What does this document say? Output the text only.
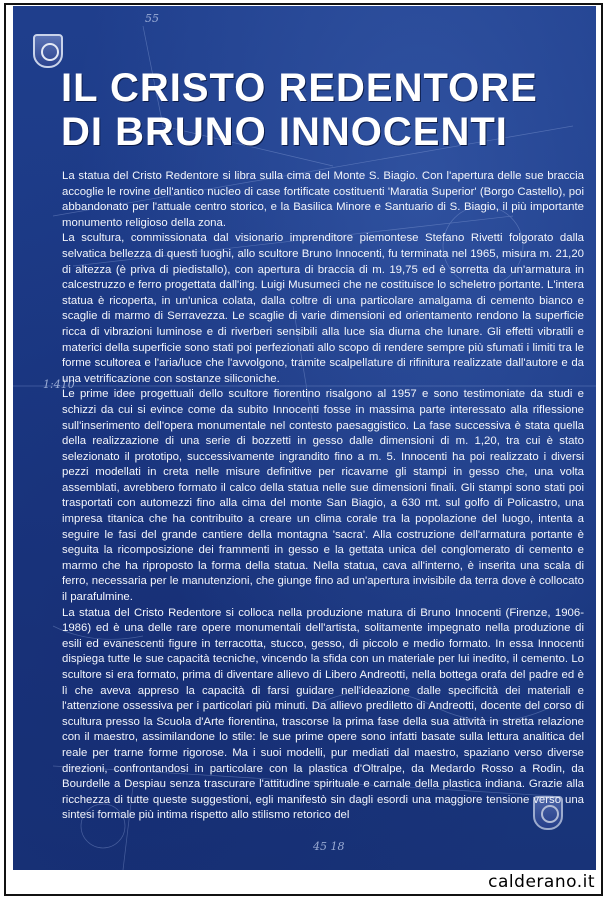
55
1:410
45 18
IL CRISTO REDENTORE
DI BRUNO INNOCENTI

La statua del Cristo Redentore si libra sulla cima del Monte S. Biagio. Con l'apertura delle sue braccia accoglie le rovine dell'antico nucleo di case fortificate costituenti 'Maratia Superior' (Borgo Castello), poi abbandonato per l'attuale centro storico, e la Basilica Minore e Santuario di S. Biagio, il più importante monumento religioso della zona.

La scultura, commissionata dal visionario imprenditore piemontese Stefano Rivetti folgorato dalla selvatica bellezza di questi luoghi, allo scultore Bruno Innocenti, fu terminata nel 1965, misura m. 21,20 di altezza (è priva di piedistallo), con apertura di braccia di m. 19,75 ed è sorretta da un'armatura in calcestruzzo e ferro progettata dall'ing. Luigi Musumeci che ne costituisce lo scheletro portante. L'intera statua è ricoperta, in un'unica colata, dalla coltre di una particolare amalgama di cemento bianco e scaglie di marmo di Serravezza. Le scaglie di varie dimensioni ed orientamento rendono la superficie ricca di vibrazioni luminose e di riverberi sensibili alla luce sia diurna che lunare. Gli effetti vibratili e materici della superficie sono stati poi perfezionati allo scopo di rendere sempre più sfumati i limiti tra le forme scultorea e l'aria/luce che l'avvolgono, tramite scalpellature di rifinitura realizzate dall'autore e da una vetrificazione con sostanze siliconiche.

Le prime idee progettuali dello scultore fiorentino risalgono al 1957 e sono testimoniate da studi e schizzi da cui si evince come da subito Innocenti fosse in massima parte interessato alla riflessione sull'inserimento dell'opera monumentale nel contesto paesaggistico. La fase successiva è stata quella della realizzazione di una serie di bozzetti in gesso dalle dimensioni di m. 1,20, tra cui è stato selezionato il prototipo, successivamente ingrandito fino a m. 5. Innocenti ha poi realizzato i diversi pezzi modellati in creta nelle misure definitive per ricavarne gli stampi in gesso che, una volta assemblati, avrebbero formato il calco della statua nelle sue dimensioni finali. Gli stampi sono stati poi trasportati con automezzi fino alla cima del monte San Biagio, a 630 mt. sul golfo di Policastro, una impresa titanica che ha contribuito a creare un clima corale tra la popolazione del luogo, intenta a seguire le fasi del grande cantiere della montagna 'sacra'. Alla costruzione dell'armatura portante è seguita la ricomposizione dei frammenti in gesso e la gettata unica del conglomerato di cemento e marmo che ha riproposto la forma della statua. Nella statua, cava all'interno, è inserita una scala di ferro, necessaria per le manutenzioni, che giunge fino ad un'apertura invisibile da terra dove è collocato il parafulmine.

La statua del Cristo Redentore si colloca nella produzione matura di Bruno Innocenti (Firenze, 1906-1986) ed è una delle rare opere monumentali dell'artista, solitamente impegnato nella produzione di esili ed evanescenti figure in terracotta, stucco, gesso, di piccolo e medio formato. In essa Innocenti dispiega tutte le sue capacità tecniche, vincendo la sfida con un materiale per lui inedito, il cemento. Lo scultore si era formato, prima di diventare allievo di Libero Andreotti, nella bottega orafa del padre ed è lì che aveva appreso la capacità di farsi guidare nell'ideazione dalle specificità dei materiali e l'attenzione ossessiva per i particolari più minuti. Da allievo prediletto di Andreotti, docente del corso di scultura presso la Scuola d'Arte fiorentina, trascorse la prima fase della sua attività in stretta relazione con il maestro, assimilandone lo stile: le sue prime opere sono infatti basate sulla lettura analitica del reale per trarne forme rigorose. Ma i suoi modelli, pur mediati dal maestro, spaziano verso diverse direzioni, confrontandosi in particolare con la plastica d'Oltralpe, da Medardo Rosso a Rodin, da Bourdelle a Despiau senza trascurare l'attitudine spirituale e carnale della plastica indiana. Grazie alla ricchezza di tutte queste suggestioni, egli manifestò sin dagli esordi una maggiore tensione verso una sintesi formale più intima rispetto allo stilismo retorico del

calderano.it
